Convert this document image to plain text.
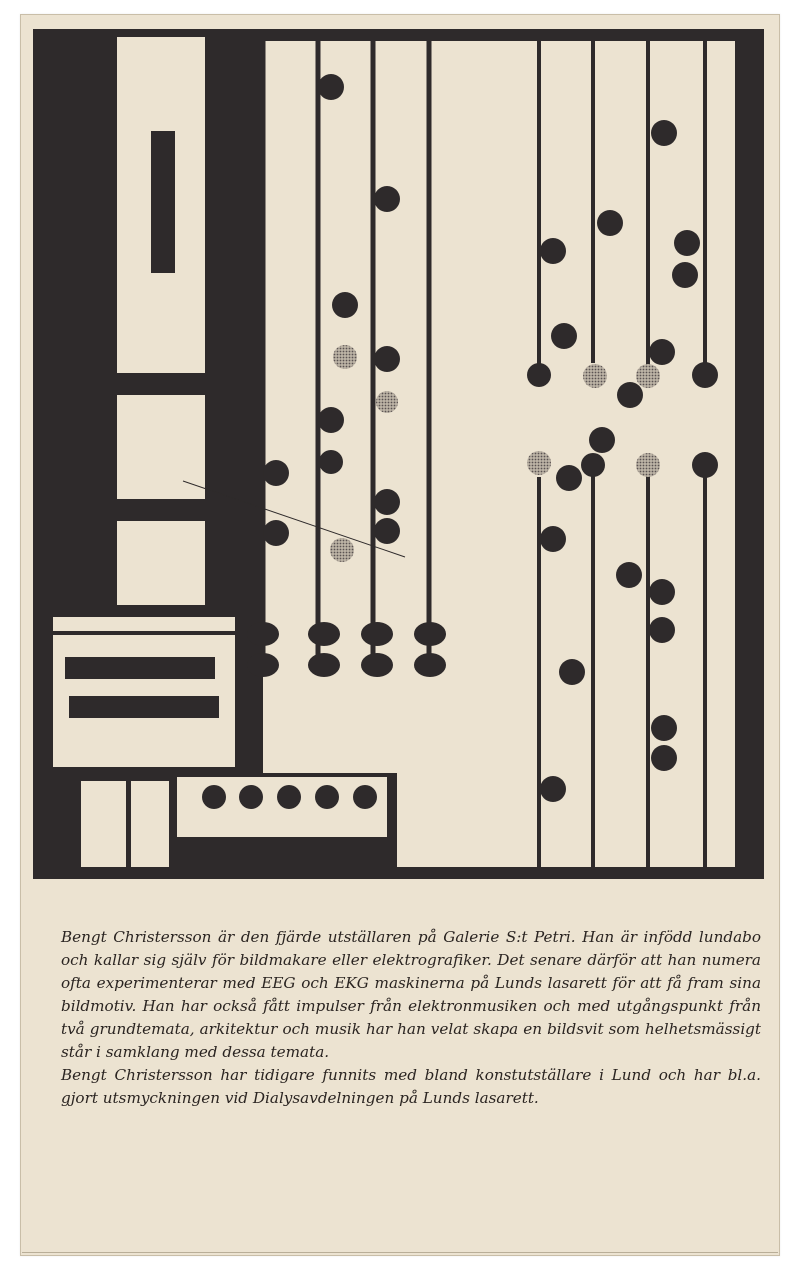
Bengt Christersson är den fjärde utställaren på Galerie S:t Petri. Han är infödd lundabo och kallar sig själv för bildmakare eller elektrografiker. Det senare därför att han numera ofta experimenterar med EEG och EKG maskinerna på Lunds lasarett för att få fram sina bildmotiv. Han har också fått impulser från elektronmusiken och med utgångspunkt från två grundtemata, arkitektur och musik har han velat skapa en bildsvit som helhetsmässigt står i samklang med dessa temata.

Bengt Christersson har tidigare funnits med bland konstutställare i Lund och har bl.a. gjort utsmyckningen vid Dialysavdelningen på Lunds lasarett.
